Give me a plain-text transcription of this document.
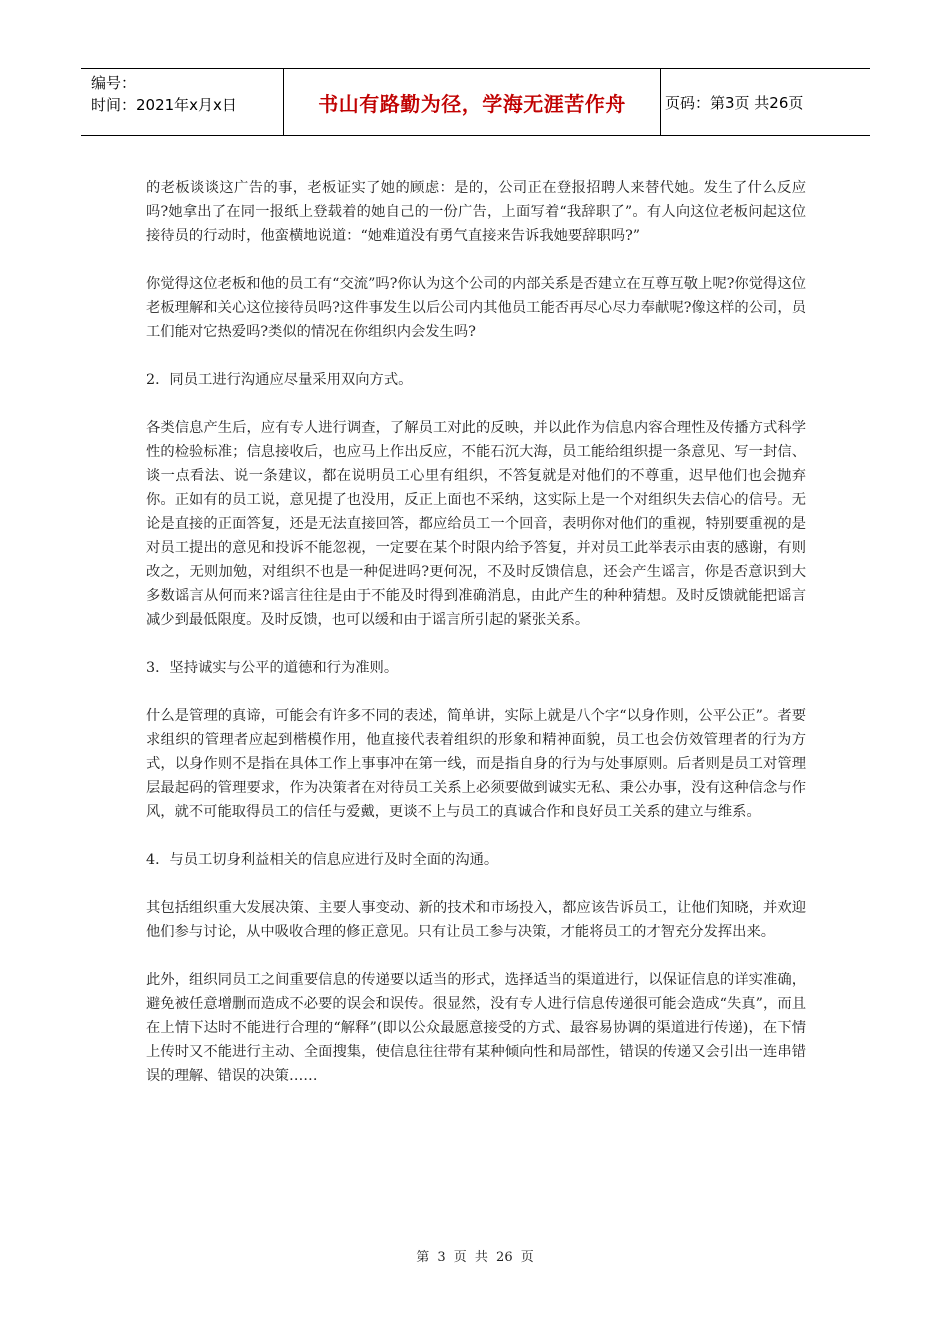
编号：
时间：2021年x月x日	书山有路勤为径，学海无涯苦作舟	页码：第3页 共26页

的老板谈谈这广告的事，老板证实了她的顾虑：是的，公司正在登报招聘人来替代她。发生了什么反应吗?她拿出了在同一报纸上登载着的她自己的一份广告，上面写着“我辞职了”。有人向这位老板问起这位接待员的行动时，他蛮横地说道：“她难道没有勇气直接来告诉我她要辞职吗?”

你觉得这位老板和他的员工有“交流”吗?你认为这个公司的内部关系是否建立在互尊互敬上呢?你觉得这位老板理解和关心这位接待员吗?这件事发生以后公司内其他员工能否再尽心尽力奉献呢?像这样的公司，员工们能对它热爱吗?类似的情况在你组织内会发生吗?

2．同员工进行沟通应尽量采用双向方式。

各类信息产生后，应有专人进行调查，了解员工对此的反映，并以此作为信息内容合理性及传播方式科学性的检验标准；信息接收后，也应马上作出反应，不能石沉大海，员工能给组织提一条意见、写一封信、谈一点看法、说一条建议，都在说明员工心里有组织，不答复就是对他们的不尊重，迟早他们也会抛弃你。正如有的员工说，意见提了也没用，反正上面也不采纳，这实际上是一个对组织失去信心的信号。无论是直接的正面答复，还是无法直接回答，都应给员工一个回音，表明你对他们的重视，特别要重视的是对员工提出的意见和投诉不能忽视，一定要在某个时限内给予答复，并对员工此举表示由衷的感谢，有则改之，无则加勉，对组织不也是一种促进吗?更何况，不及时反馈信息，还会产生谣言，你是否意识到大多数谣言从何而来?谣言往往是由于不能及时得到准确消息，由此产生的种种猜想。及时反馈就能把谣言减少到最低限度。及时反馈，也可以缓和由于谣言所引起的紧张关系。

3．坚持诚实与公平的道德和行为准则。

什么是管理的真谛，可能会有许多不同的表述，简单讲，实际上就是八个字“以身作则，公平公正”。者要求组织的管理者应起到楷模作用，他直接代表着组织的形象和精神面貌，员工也会仿效管理者的行为方式，以身作则不是指在具体工作上事事冲在第一线，而是指自身的行为与处事原则。后者则是员工对管理层最起码的管理要求，作为决策者在对待员工关系上必须要做到诚实无私、秉公办事，没有这种信念与作风，就不可能取得员工的信任与爱戴，更谈不上与员工的真诚合作和良好员工关系的建立与维系。

4．与员工切身利益相关的信息应进行及时全面的沟通。

其包括组织重大发展决策、主要人事变动、新的技术和市场投入，都应该告诉员工，让他们知晓，并欢迎他们参与讨论，从中吸收合理的修正意见。只有让员工参与决策，才能将员工的才智充分发挥出来。

此外，组织同员工之间重要信息的传递要以适当的形式，选择适当的渠道进行，以保证信息的详实准确，避免被任意增删而造成不必要的误会和误传。很显然，没有专人进行信息传递很可能会造成“失真”，而且在上情下达时不能进行合理的“解释”(即以公众最愿意接受的方式、最容易协调的渠道进行传递)，在下情上传时又不能进行主动、全面搜集，使信息往往带有某种倾向性和局部性，错误的传递又会引出一连串错误的理解、错误的决策……

第 3 页 共 26 页
